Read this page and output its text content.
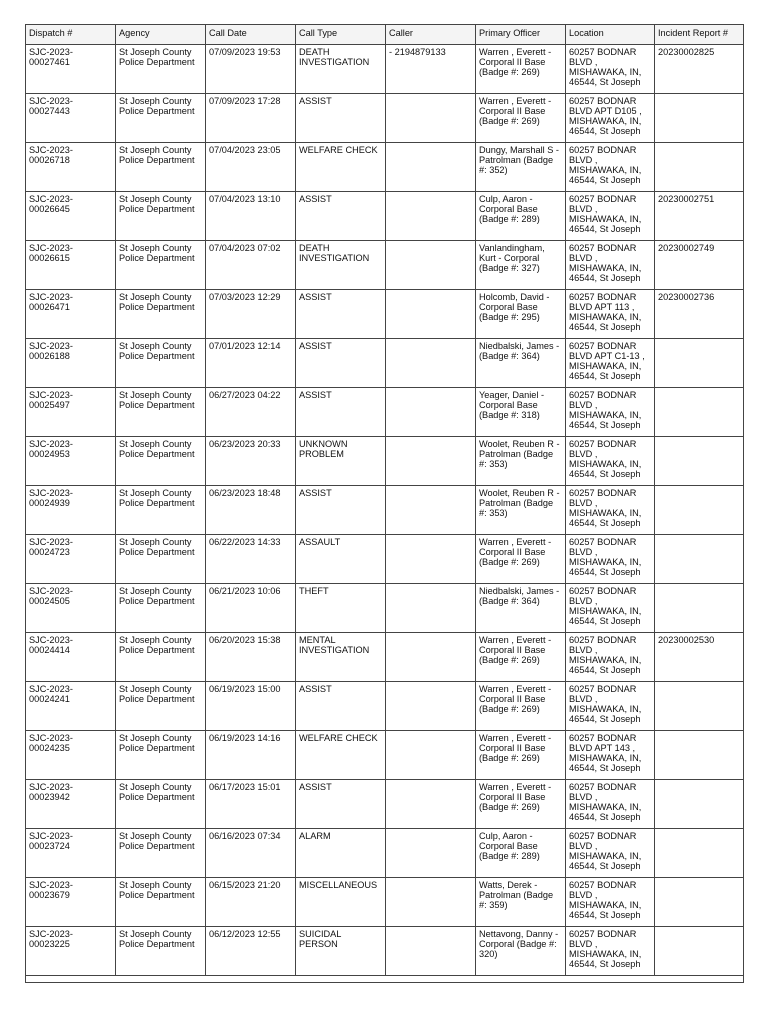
Dispatch #	Agency	Call Date	Call Type	Caller	Primary Officer	Location	Incident Report #
SJC-2023-
00027461	St Joseph County
Police Department	07/09/2023 19:53	DEATH
INVESTIGATION	- 2194879133	Warren , Everett -
Corporal II Base
(Badge #: 269)	60257 BODNAR
BLVD ,
MISHAWAKA, IN,
46544, St Joseph	20230002825
SJC-2023-
00027443	St Joseph County
Police Department	07/09/2023 17:28	ASSIST		Warren , Everett -
Corporal II Base
(Badge #: 269)	60257 BODNAR
BLVD APT D105 ,
MISHAWAKA, IN,
46544, St Joseph	
SJC-2023-
00026718	St Joseph County
Police Department	07/04/2023 23:05	WELFARE CHECK		Dungy, Marshall S -
Patrolman (Badge
#: 352)	60257 BODNAR
BLVD ,
MISHAWAKA, IN,
46544, St Joseph	
SJC-2023-
00026645	St Joseph County
Police Department	07/04/2023 13:10	ASSIST		Culp, Aaron -
Corporal Base
(Badge #: 289)	60257 BODNAR
BLVD ,
MISHAWAKA, IN,
46544, St Joseph	20230002751
SJC-2023-
00026615	St Joseph County
Police Department	07/04/2023 07:02	DEATH
INVESTIGATION		Vanlandingham,
Kurt - Corporal
(Badge #: 327)	60257 BODNAR
BLVD ,
MISHAWAKA, IN,
46544, St Joseph	20230002749
SJC-2023-
00026471	St Joseph County
Police Department	07/03/2023 12:29	ASSIST		Holcomb, David -
Corporal Base
(Badge #: 295)	60257 BODNAR
BLVD APT 113 ,
MISHAWAKA, IN,
46544, St Joseph	20230002736
SJC-2023-
00026188	St Joseph County
Police Department	07/01/2023 12:14	ASSIST		Niedbalski, James -
(Badge #: 364)	60257 BODNAR
BLVD APT C1-13 ,
MISHAWAKA, IN,
46544, St Joseph	
SJC-2023-
00025497	St Joseph County
Police Department	06/27/2023 04:22	ASSIST		Yeager, Daniel -
Corporal Base
(Badge #: 318)	60257 BODNAR
BLVD ,
MISHAWAKA, IN,
46544, St Joseph	
SJC-2023-
00024953	St Joseph County
Police Department	06/23/2023 20:33	UNKNOWN
PROBLEM		Woolet, Reuben R -
Patrolman (Badge
#: 353)	60257 BODNAR
BLVD ,
MISHAWAKA, IN,
46544, St Joseph	
SJC-2023-
00024939	St Joseph County
Police Department	06/23/2023 18:48	ASSIST		Woolet, Reuben R -
Patrolman (Badge
#: 353)	60257 BODNAR
BLVD ,
MISHAWAKA, IN,
46544, St Joseph	
SJC-2023-
00024723	St Joseph County
Police Department	06/22/2023 14:33	ASSAULT		Warren , Everett -
Corporal II Base
(Badge #: 269)	60257 BODNAR
BLVD ,
MISHAWAKA, IN,
46544, St Joseph	
SJC-2023-
00024505	St Joseph County
Police Department	06/21/2023 10:06	THEFT		Niedbalski, James -
(Badge #: 364)	60257 BODNAR
BLVD ,
MISHAWAKA, IN,
46544, St Joseph	
SJC-2023-
00024414	St Joseph County
Police Department	06/20/2023 15:38	MENTAL
INVESTIGATION		Warren , Everett -
Corporal II Base
(Badge #: 269)	60257 BODNAR
BLVD ,
MISHAWAKA, IN,
46544, St Joseph	20230002530
SJC-2023-
00024241	St Joseph County
Police Department	06/19/2023 15:00	ASSIST		Warren , Everett -
Corporal II Base
(Badge #: 269)	60257 BODNAR
BLVD ,
MISHAWAKA, IN,
46544, St Joseph	
SJC-2023-
00024235	St Joseph County
Police Department	06/19/2023 14:16	WELFARE CHECK		Warren , Everett -
Corporal II Base
(Badge #: 269)	60257 BODNAR
BLVD APT 143 ,
MISHAWAKA, IN,
46544, St Joseph	
SJC-2023-
00023942	St Joseph County
Police Department	06/17/2023 15:01	ASSIST		Warren , Everett -
Corporal II Base
(Badge #: 269)	60257 BODNAR
BLVD ,
MISHAWAKA, IN,
46544, St Joseph	
SJC-2023-
00023724	St Joseph County
Police Department	06/16/2023 07:34	ALARM		Culp, Aaron -
Corporal Base
(Badge #: 289)	60257 BODNAR
BLVD ,
MISHAWAKA, IN,
46544, St Joseph	
SJC-2023-
00023679	St Joseph County
Police Department	06/15/2023 21:20	MISCELLANEOUS		Watts, Derek -
Patrolman (Badge
#: 359)	60257 BODNAR
BLVD ,
MISHAWAKA, IN,
46544, St Joseph	
SJC-2023-
00023225	St Joseph County
Police Department	06/12/2023 12:55	SUICIDAL
PERSON		Nettavong, Danny -
Corporal (Badge #:
320)	60257 BODNAR
BLVD ,
MISHAWAKA, IN,
46544, St Joseph	
